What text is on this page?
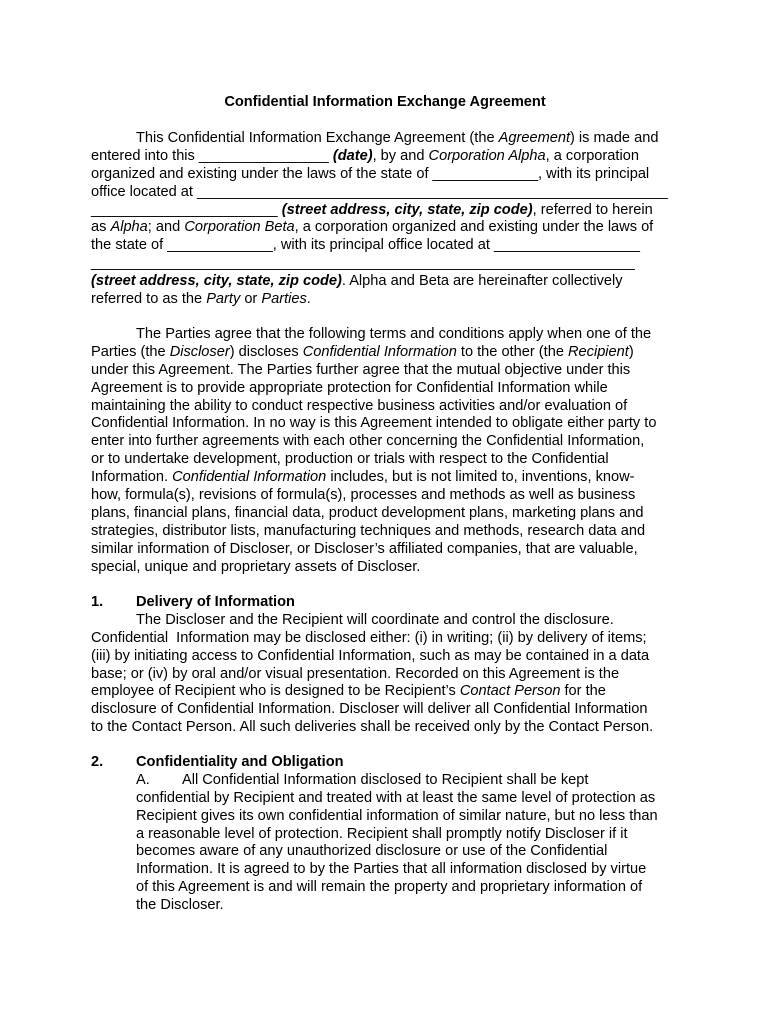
Confidential Information Exchange Agreement
This Confidential Information Exchange Agreement (the Agreement) is made and
entered into this ________________ (date), by and Corporation Alpha, a corporation
organized and existing under the laws of the state of _____________, with its principal
office located at __________________________________________________________
_______________________ (street address, city, state, zip code), referred to herein
as Alpha; and Corporation Beta, a corporation organized and existing under the laws of
the state of _____________, with its principal office located at __________________
___________________________________________________________________
(street address, city, state, zip code). Alpha and Beta are hereinafter collectively
referred to as the Party or Parties.
The Parties agree that the following terms and conditions apply when one of the
Parties (the Discloser) discloses Confidential Information to the other (the Recipient)
under this Agreement. The Parties further agree that the mutual objective under this
Agreement is to provide appropriate protection for Confidential Information while
maintaining the ability to conduct respective business activities and/or evaluation of
Confidential Information. In no way is this Agreement intended to obligate either party to
enter into further agreements with each other concerning the Confidential Information,
or to undertake development, production or trials with respect to the Confidential
Information. Confidential Information includes, but is not limited to, inventions, know-
how, formula(s), revisions of formula(s), processes and methods as well as business
plans, financial plans, financial data, product development plans, marketing plans and
strategies, distributor lists, manufacturing techniques and methods, research data and
similar information of Discloser, or Discloser’s affiliated companies, that are valuable,
special, unique and proprietary assets of Discloser.
1. Delivery of Information
The Discloser and the Recipient will coordinate and control the disclosure.
Confidential  Information may be disclosed either: (i) in writing; (ii) by delivery of items;
(iii) by initiating access to Confidential Information, such as may be contained in a data
base; or (iv) by oral and/or visual presentation. Recorded on this Agreement is the
employee of Recipient who is designed to be Recipient’s Contact Person for the
disclosure of Confidential Information. Discloser will deliver all Confidential Information
to the Contact Person. All such deliveries shall be received only by the Contact Person.
2. Confidentiality and Obligation
A. All Confidential Information disclosed to Recipient shall be kept
confidential by Recipient and treated with at least the same level of protection as
Recipient gives its own confidential information of similar nature, but no less than
a reasonable level of protection. Recipient shall promptly notify Discloser if it
becomes aware of any unauthorized disclosure or use of the Confidential
Information. It is agreed to by the Parties that all information disclosed by virtue
of this Agreement is and will remain the property and proprietary information of
the Discloser.
